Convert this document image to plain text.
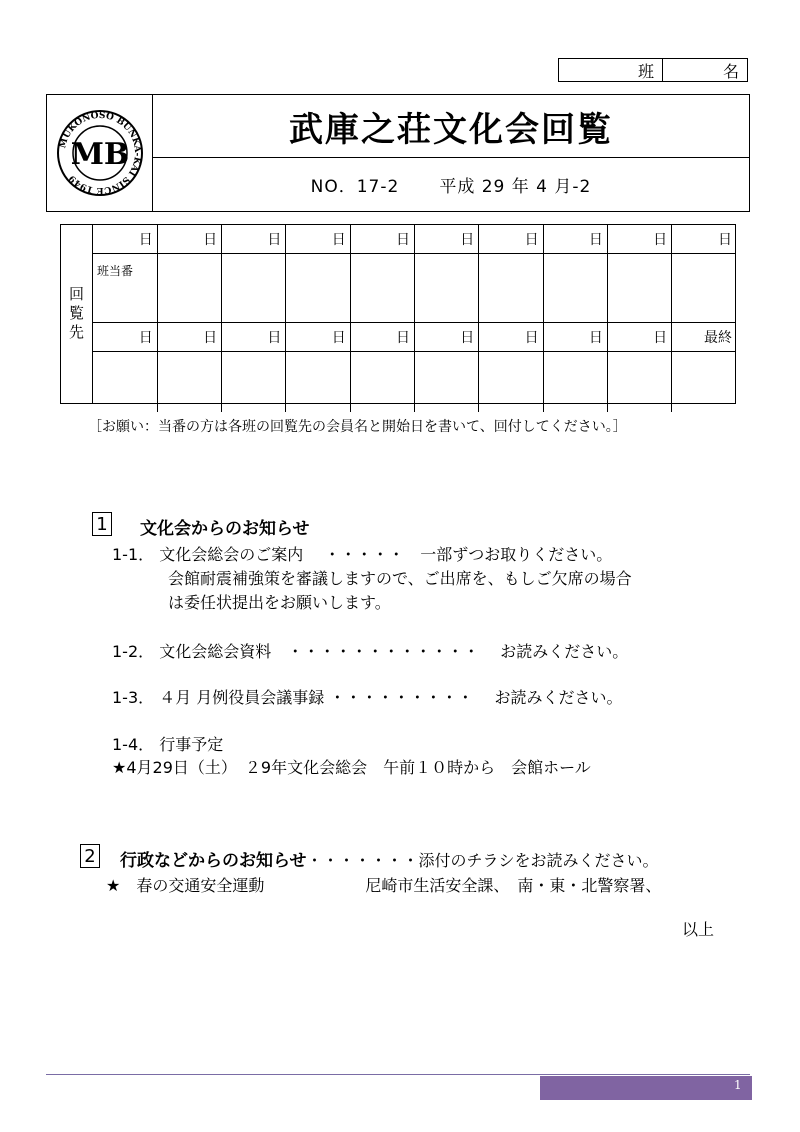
班	名
MB
MUKONOSO BUNKA-KAI SINCE 1949
武庫之荘文化会回覧
NO．17-2 平成 29 年 4 月-2
回覧先
日	日	日	日	日	日	日	日	日	日
班当番									
日	日	日	日	日	日	日	日	日	最終

［お願い：当番の方は各班の回覧先の会員名と開始日を書いて、回付してください。］
1 文化会からのお知らせ
1-1． 文化会総会のご案内　 ・・・・・　一部ずつお取りください。
会館耐震補強策を審議しますので、ご出席を、もしご欠席の場合
は委任状提出をお願いします。
1-2． 文化会総会資料　・・・・・・・・・・・・　 お読みください。
1-3． ４月 月例役員会議事録 ・・・・・・・・・　 お読みください。
1-4． 行事予定
★4月29日（土）　２9年文化会総会　午前１０時から　会館ホール
2 行政などからのお知らせ・・・・・・・添付のチラシをお読みください。
★　春の交通安全運動　　　　　　 尼崎市生活安全課、　南・東・北警察署、
以上
1
